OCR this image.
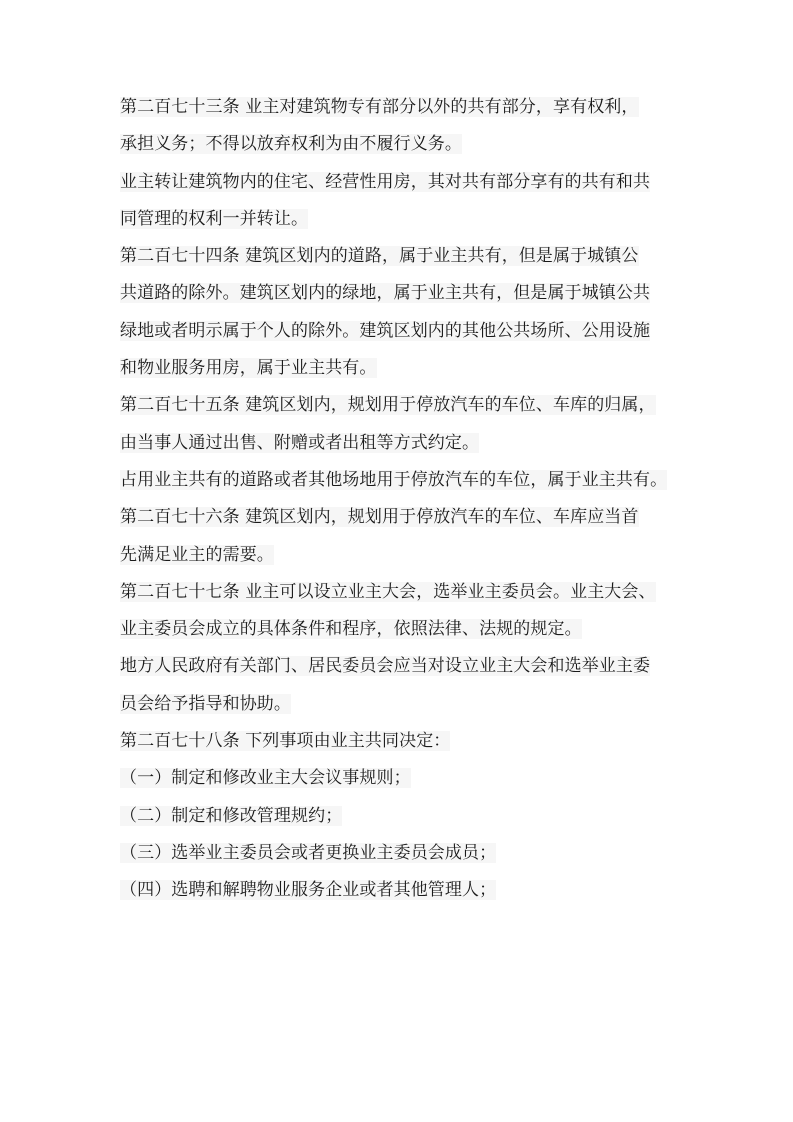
第二百七十三条 业主对建筑物专有部分以外的共有部分，享有权利，
承担义务；不得以放弃权利为由不履行义务。
业主转让建筑物内的住宅、经营性用房，其对共有部分享有的共有和共
同管理的权利一并转让。
第二百七十四条 建筑区划内的道路，属于业主共有，但是属于城镇公
共道路的除外。建筑区划内的绿地，属于业主共有，但是属于城镇公共
绿地或者明示属于个人的除外。建筑区划内的其他公共场所、公用设施
和物业服务用房，属于业主共有。
第二百七十五条 建筑区划内，规划用于停放汽车的车位、车库的归属，
由当事人通过出售、附赠或者出租等方式约定。
占用业主共有的道路或者其他场地用于停放汽车的车位，属于业主共有。
第二百七十六条 建筑区划内，规划用于停放汽车的车位、车库应当首
先满足业主的需要。
第二百七十七条 业主可以设立业主大会，选举业主委员会。业主大会、
业主委员会成立的具体条件和程序，依照法律、法规的规定。
地方人民政府有关部门、居民委员会应当对设立业主大会和选举业主委
员会给予指导和协助。
第二百七十八条 下列事项由业主共同决定：
（一）制定和修改业主大会议事规则；
（二）制定和修改管理规约；
（三）选举业主委员会或者更换业主委员会成员；
（四）选聘和解聘物业服务企业或者其他管理人；
